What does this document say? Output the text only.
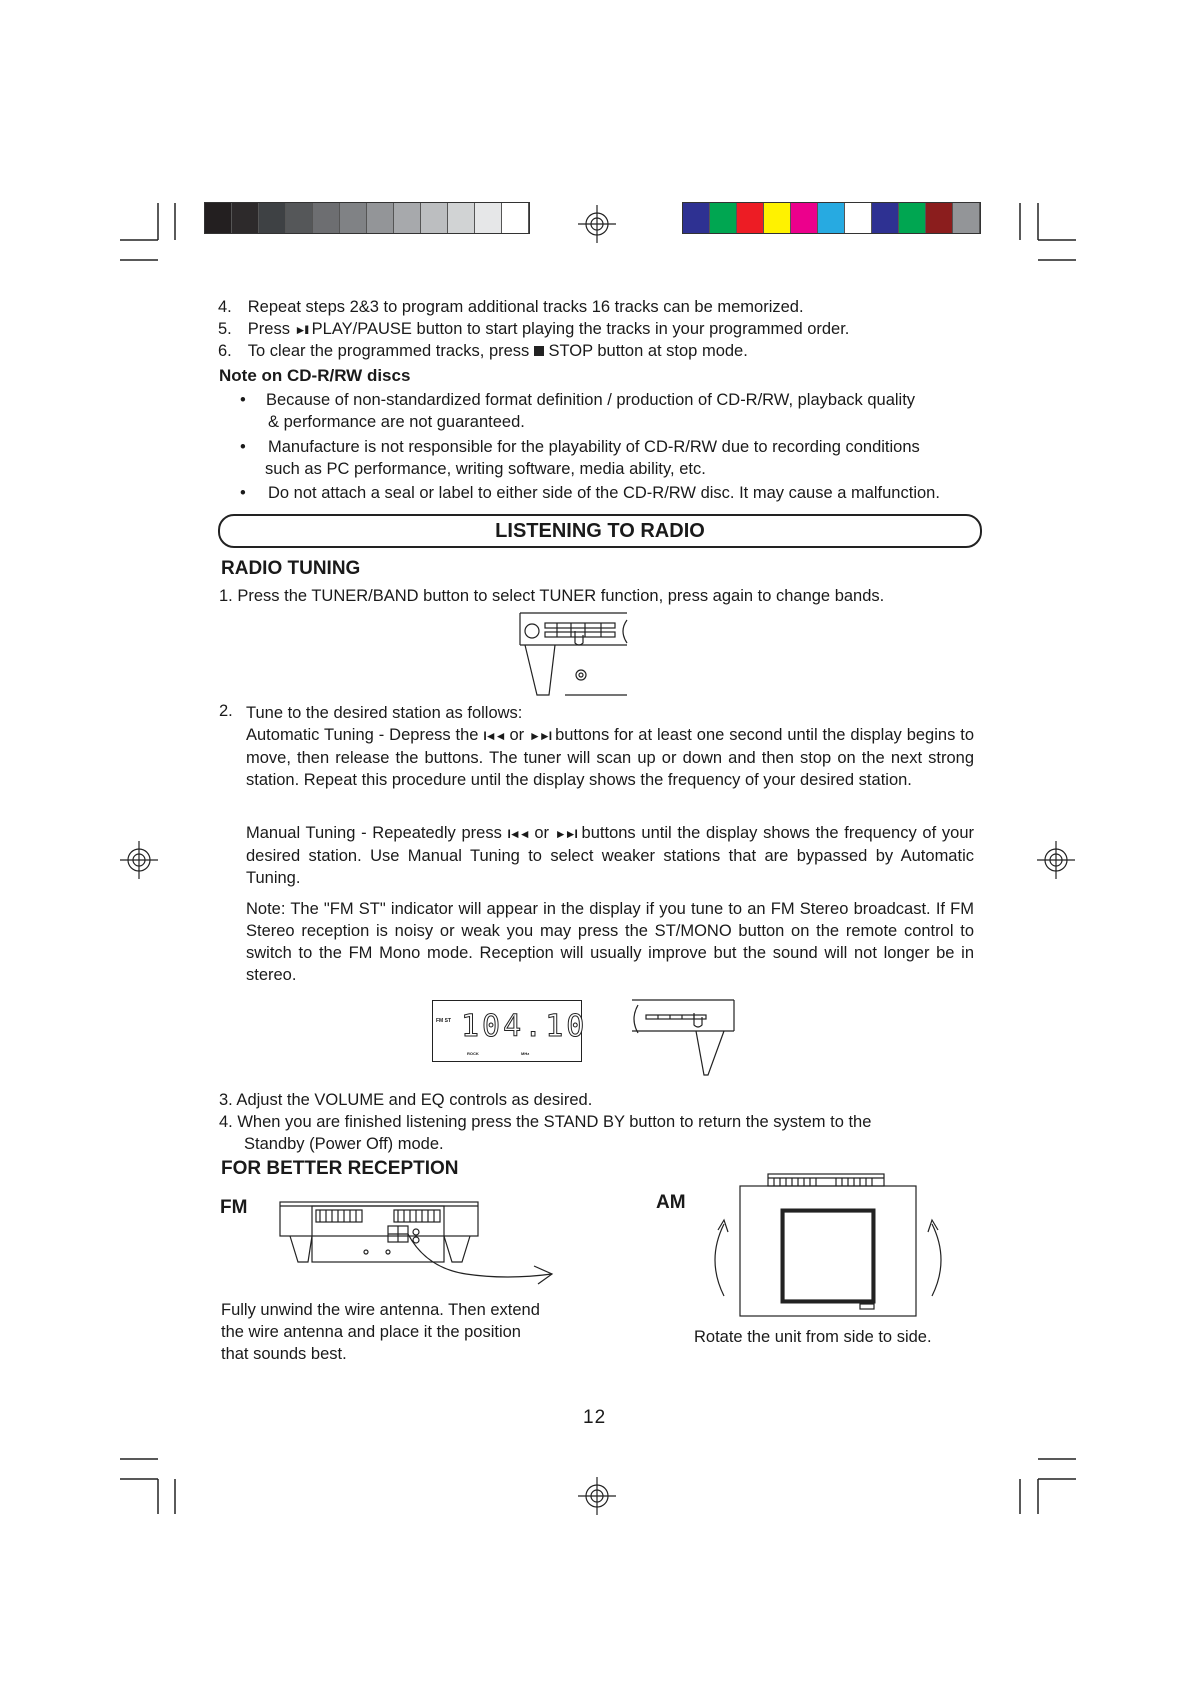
4. Repeat steps 2&3 to program additional tracks 16 tracks can be memorized.
5. Press ►II PLAY/PAUSE button to start playing the tracks in your programmed order.
6. To clear the programmed tracks, press  STOP button at stop mode.
Note on CD-R/RW discs
• Because of non-standardized format definition / production of CD-R/RW, playback quality
& performance are not guaranteed.
• Manufacture is not responsible for the playability of CD-R/RW due to recording conditions
such as PC performance, writing software, media ability, etc.
• Do not attach a seal or label to either side of the CD-R/RW disc. It may cause a malfunction.
LISTENING TO RADIO
RADIO TUNING
1. Press the TUNER/BAND button to select TUNER function, press again to change bands.
2. Tune to the desired station as follows:
Automatic Tuning - Depress the I◄◄ or ►►I buttons for at least one second until the display begins to move, then release the buttons. The tuner will scan up or down and then stop on the next strong station. Repeat this procedure until the display shows the frequency of your desired station.
Manual Tuning - Repeatedly press I◄◄ or ►►I buttons until the display shows the frequency of your desired station. Use Manual Tuning to select weaker stations that are bypassed by Automatic Tuning.
Note: The "FM ST" indicator will appear in the display if you tune to an FM Stereo broadcast. If FM Stereo reception is noisy or weak you may press the ST/MONO button on the remote control to switch to the FM Mono mode. Reception will usually improve but the sound will not longer be in stereo.
FM ST 104.10
ROCK	MHz
3. Adjust the VOLUME and EQ controls as desired.
4. When you are finished listening press the STAND BY button to return the system to the
Standby (Power Off) mode.
FOR BETTER RECEPTION
FM	AM
Fully unwind the wire antenna. Then extend
the wire antenna and place it the position
that sounds best.
Rotate the unit from side to side.
12
